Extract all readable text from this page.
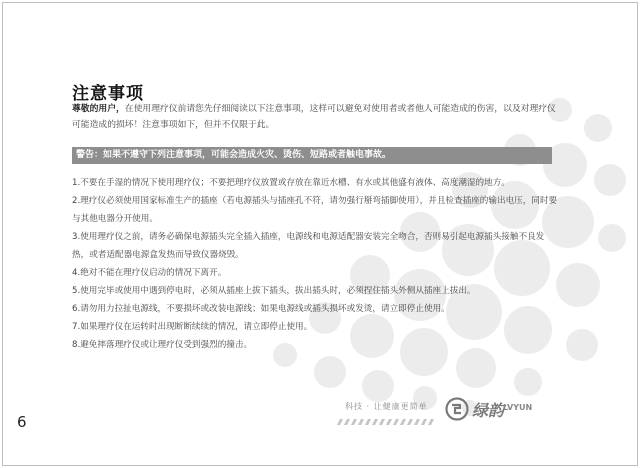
注意事项
尊敬的用户，在使用理疗仪前请您先仔细阅读以下注意事项，这样可以避免对使用者或者他人可能造成的伤害，以及对理疗仪可能造成的损坏！注意事项如下，但并不仅限于此。
警告：如果不遵守下列注意事项，可能会造成火灾、烫伤、短路或者触电事故。

1.不要在手湿的情况下使用理疗仪；不要把理疗仪放置或存放在靠近水槽、有水或其他盛有液体、高度潮湿的地方。

2.理疗仪必须使用国家标准生产的插座（若电源插头与插座孔不符，请勿强行掰弯插脚使用），并且检查插座的输出电压，同时要与其他电器分开使用。

3.使用理疗仪之前，请务必确保电源插头完全插入插座，电源线和电源适配器安装完全吻合，否则易引起电源插头接触不良发热，或者适配器电源盒发热而导致仪器烧毁。

4.绝对不能在理疗仪启动的情况下离开。

5.使用完毕或使用中遇到停电时，必须从插座上拔下插头，拔出插头时，必须捏住插头外侧从插座上拔出。

6.请勿用力拉扯电源线，不要损坏或改装电源线；如果电源线或插头损坏或发烫，请立即停止使用。

7.如果理疗仪在运转时出现断断续续的情况，请立即停止使用。

8.避免摔落理疗仪或让理疗仪受到强烈的撞击。

科技 · 让健康更简单	绿韵
LVYUN
6
